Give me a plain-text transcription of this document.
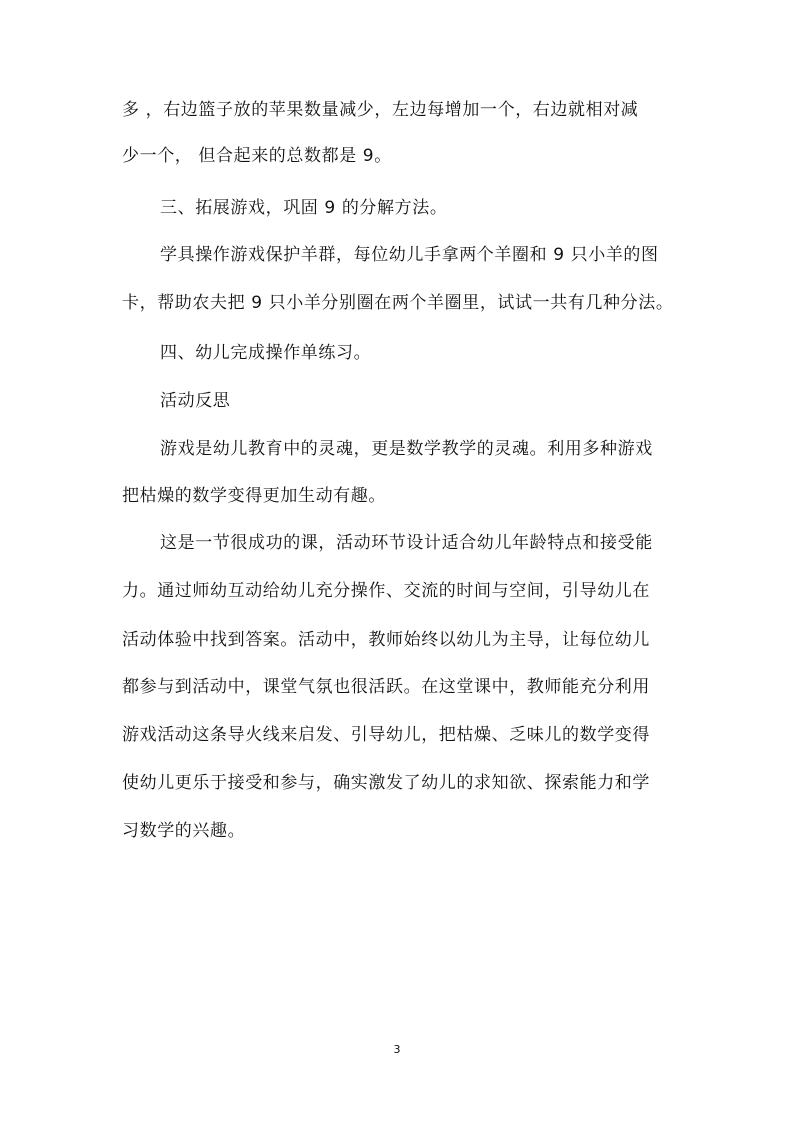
多 ，右边篮子放的苹果数量减少，左边每增加一个，右边就相对减
少一个， 但合起来的总数都是 9。
三、拓展游戏，巩固 9 的分解方法。
学具操作游戏保护羊群，每位幼儿手拿两个羊圈和 9 只小羊的图
卡，帮助农夫把 9 只小羊分别圈在两个羊圈里，试试一共有几种分法。
四、幼儿完成操作单练习。
活动反思
游戏是幼儿教育中的灵魂，更是数学教学的灵魂。利用多种游戏
把枯燥的数学变得更加生动有趣。
这是一节很成功的课，活动环节设计适合幼儿年龄特点和接受能
力。通过师幼互动给幼儿充分操作、交流的时间与空间，引导幼儿在
活动体验中找到答案。活动中，教师始终以幼儿为主导，让每位幼儿
都参与到活动中，课堂气氛也很活跃。在这堂课中，教师能充分利用
游戏活动这条导火线来启发、引导幼儿，把枯燥、乏味儿的数学变得
使幼儿更乐于接受和参与，确实激发了幼儿的求知欲、探索能力和学
习数学的兴趣。
3
